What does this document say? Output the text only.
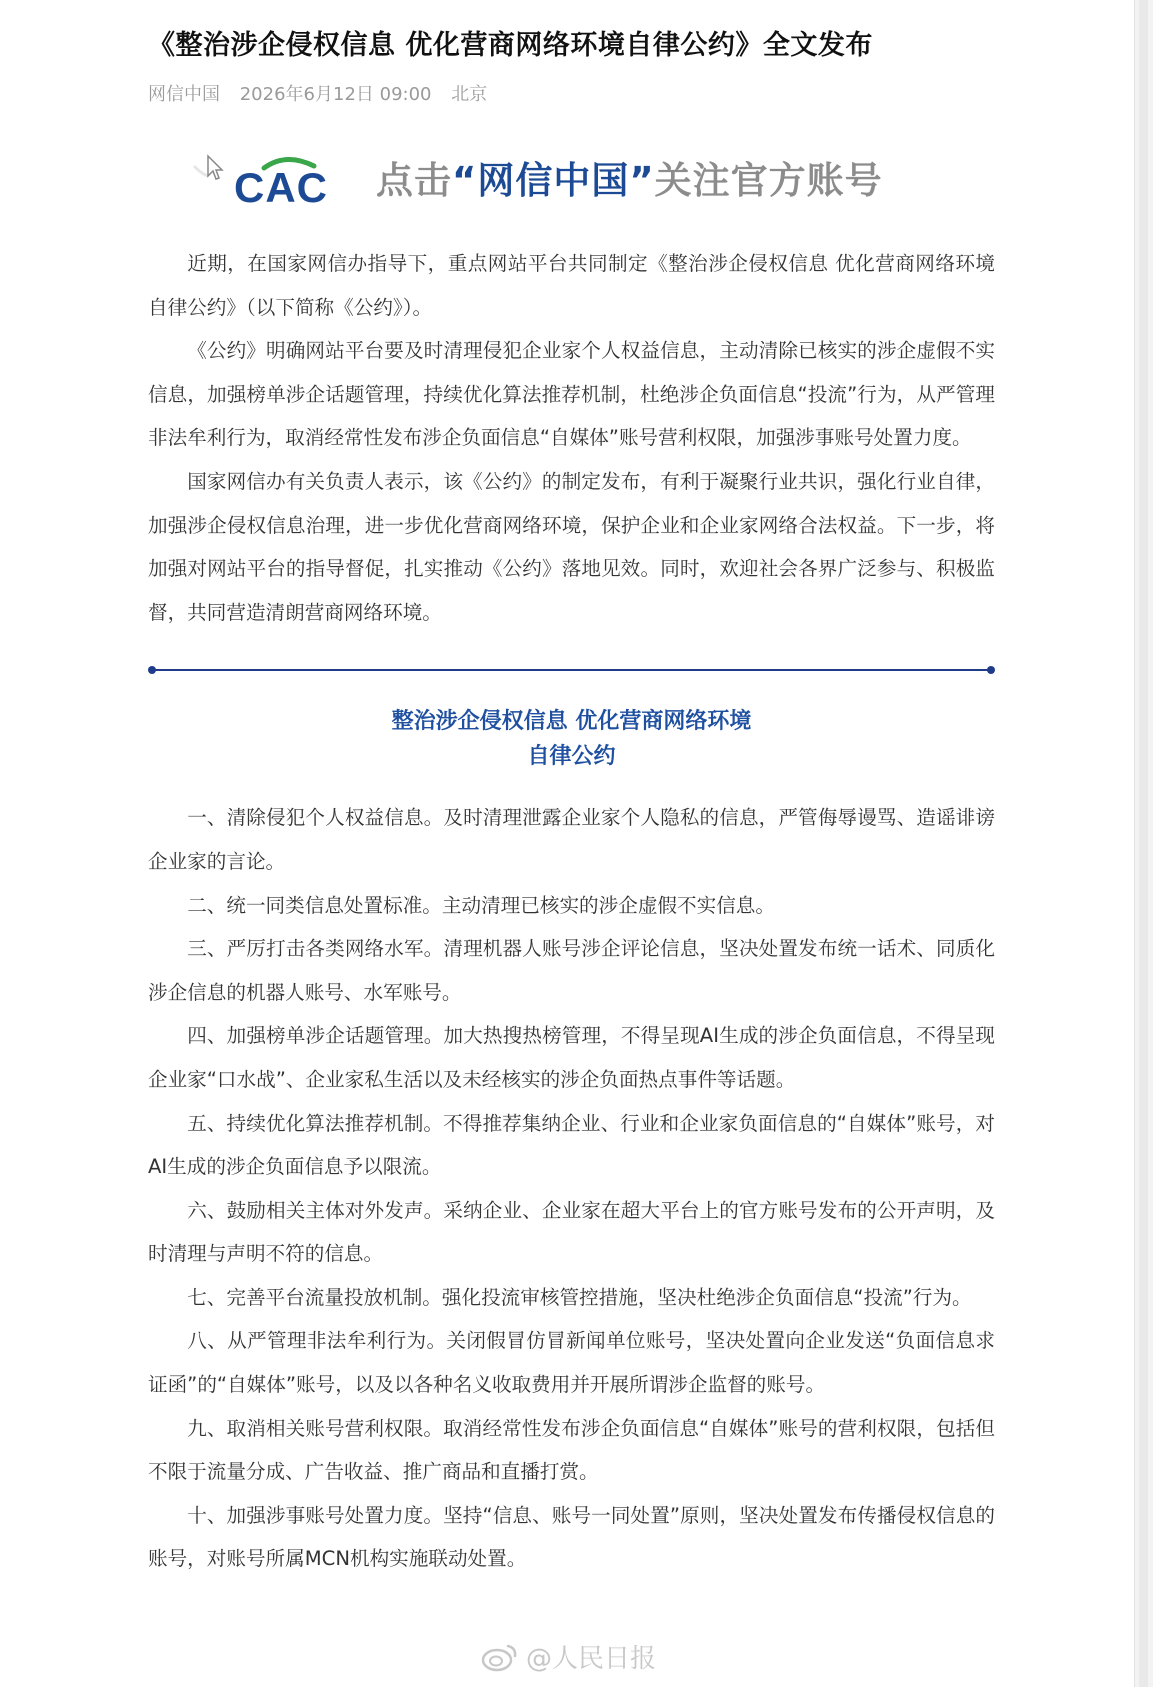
《整治涉企侵权信息 优化营商网络环境自律公约》全文发布
网信中国 2026年6月12日 09:00 北京
CAC 点击“网信中国”关注官方账号

近期，在国家网信办指导下，重点网站平台共同制定《整治涉企侵权信息 优化营商网络环境自律公约》（以下简称《公约》）。

《公约》明确网站平台要及时清理侵犯企业家个人权益信息，主动清除已核实的涉企虚假不实信息，加强榜单涉企话题管理，持续优化算法推荐机制，杜绝涉企负面信息“投流”行为，从严管理非法牟利行为，取消经常性发布涉企负面信息“自媒体”账号营利权限，加强涉事账号处置力度。

国家网信办有关负责人表示，该《公约》的制定发布，有利于凝聚行业共识，强化行业自律，加强涉企侵权信息治理，进一步优化营商网络环境，保护企业和企业家网络合法权益。下一步，将加强对网站平台的指导督促，扎实推动《公约》落地见效。同时，欢迎社会各界广泛参与、积极监督，共同营造清朗营商网络环境。

整治涉企侵权信息 优化营商网络环境
自律公约

一、清除侵犯个人权益信息。及时清理泄露企业家个人隐私的信息，严管侮辱谩骂、造谣诽谤企业家的言论。

二、统一同类信息处置标准。主动清理已核实的涉企虚假不实信息。

三、严厉打击各类网络水军。清理机器人账号涉企评论信息，坚决处置发布统一话术、同质化涉企信息的机器人账号、水军账号。

四、加强榜单涉企话题管理。加大热搜热榜管理，不得呈现AI生成的涉企负面信息，不得呈现企业家“口水战”、企业家私生活以及未经核实的涉企负面热点事件等话题。

五、持续优化算法推荐机制。不得推荐集纳企业、行业和企业家负面信息的“自媒体”账号，对AI生成的涉企负面信息予以限流。

六、鼓励相关主体对外发声。采纳企业、企业家在超大平台上的官方账号发布的公开声明，及时清理与声明不符的信息。

七、完善平台流量投放机制。强化投流审核管控措施，坚决杜绝涉企负面信息“投流”行为。

八、从严管理非法牟利行为。关闭假冒仿冒新闻单位账号，坚决处置向企业发送“负面信息求证函”的“自媒体”账号，以及以各种名义收取费用并开展所谓涉企监督的账号。

九、取消相关账号营利权限。取消经常性发布涉企负面信息“自媒体”账号的营利权限，包括但不限于流量分成、广告收益、推广商品和直播打赏。

十、加强涉事账号处置力度。坚持“信息、账号一同处置”原则，坚决处置发布传播侵权信息的账号，对账号所属MCN机构实施联动处置。

@人民日报
